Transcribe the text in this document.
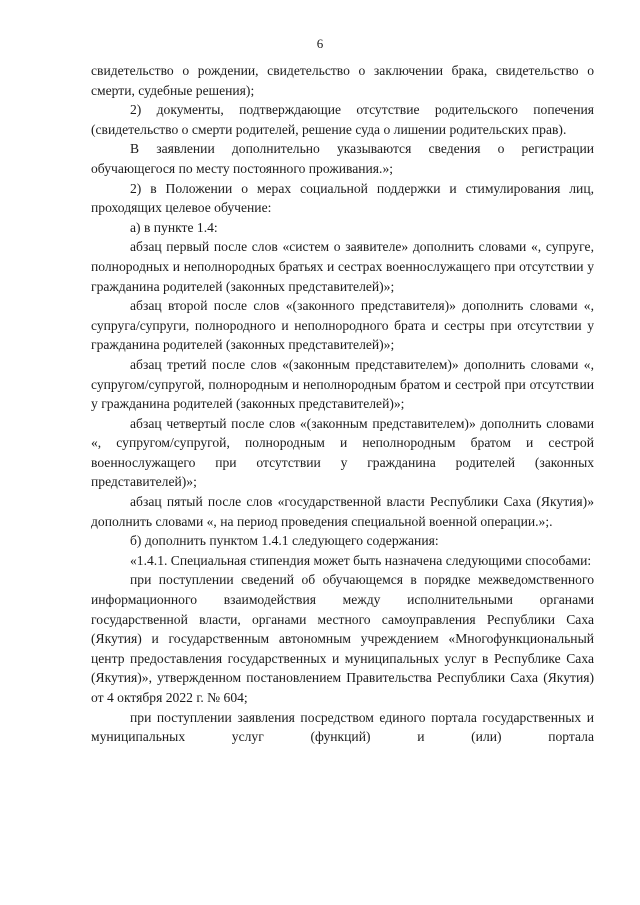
6

свидетельство о рождении, свидетельство о заключении брака, свидетельство о смерти, судебные решения);

2) документы, подтверждающие отсутствие родительского попечения (свидетельство о смерти родителей, решение суда о лишении родительских прав).

В заявлении дополнительно указываются сведения о регистрации обучающегося по месту постоянного проживания.»;

2) в Положении о мерах социальной поддержки и стимулирования лиц, проходящих целевое обучение:

а) в пункте 1.4:

абзац первый после слов «систем о заявителе» дополнить словами «, супруге, полнородных и неполнородных братьях и сестрах военнослужащего при отсутствии у гражданина родителей (законных представителей)»;

абзац второй после слов «(законного представителя)» дополнить словами «, супруга/супруги, полнородного и неполнородного брата и сестры при отсутствии у гражданина родителей (законных представителей)»;

абзац третий после слов «(законным представителем)» дополнить словами «, супругом/супругой, полнородным и неполнородным братом и сестрой при отсутствии у гражданина родителей (законных представителей)»;

абзац четвертый после слов «(законным представителем)» дополнить словами «, супругом/супругой, полнородным и неполнородным братом и сестрой военнослужащего при отсутствии у гражданина родителей (законных представителей)»;

абзац пятый после слов «государственной власти Республики Саха (Якутия)» дополнить словами «, на период проведения специальной военной операции.»;.

б) дополнить пунктом 1.4.1 следующего содержания:

«1.4.1. Специальная стипендия может быть назначена следующими способами:

при поступлении сведений об обучающемся в порядке межведомственного информационного взаимодействия между исполнительными органами государственной власти, органами местного самоуправления Республики Саха (Якутия) и государственным автономным учреждением «Многофункциональный центр предоставления государственных и муниципальных услуг в Республике Саха (Якутия)», утвержденном постановлением Правительства Республики Саха (Якутия) от 4 октября 2022 г. № 604;

при поступлении заявления посредством единого портала государственных и муниципальных услуг (функций) и (или) портала
